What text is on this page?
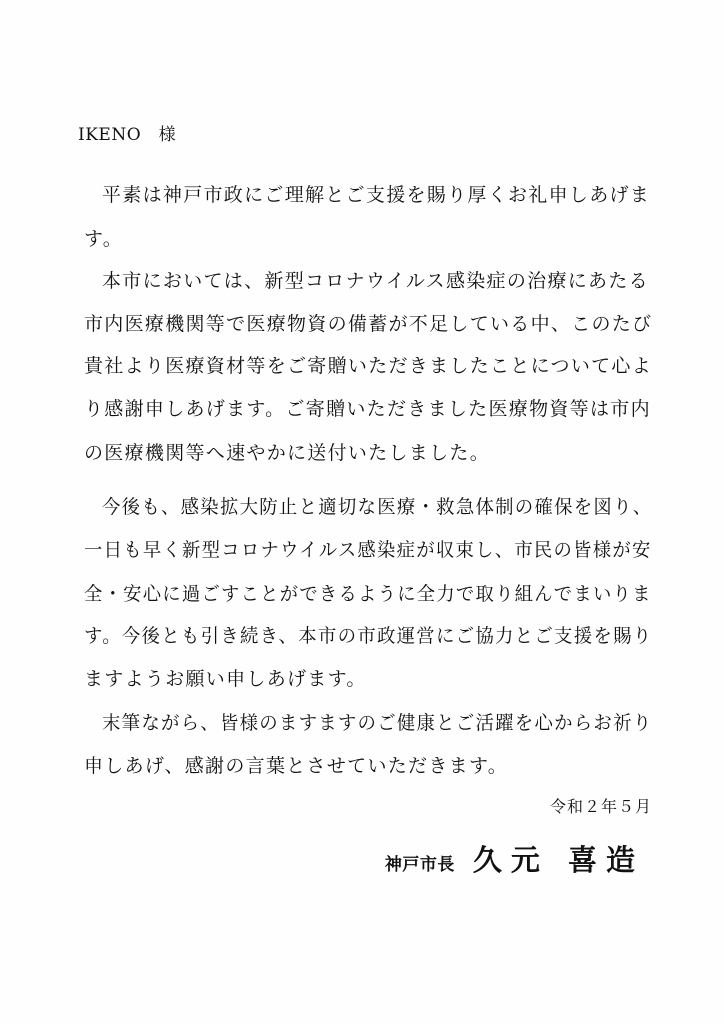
IKENO　様
平素は神戸市政にご理解とご支援を賜り厚くお礼申しあげま
す。
本市においては、新型コロナウイルス感染症の治療にあたる
市内医療機関等で医療物資の備蓄が不足している中、このたび
貴社より医療資材等をご寄贈いただきましたことについて心よ
り感謝申しあげます。ご寄贈いただきました医療物資等は市内
の医療機関等へ速やかに送付いたしました。
今後も、感染拡大防止と適切な医療・救急体制の確保を図り、
一日も早く新型コロナウイルス感染症が収束し、市民の皆様が安
全・安心に過ごすことができるように全力で取り組んでまいりま
す。今後とも引き続き、本市の市政運営にご協力とご支援を賜り
ますようお願い申しあげます。
末筆ながら、皆様のますますのご健康とご活躍を心からお祈り
申しあげ、感謝の言葉とさせていただきます。
令和２年５月
神戸市長 久元 喜造
